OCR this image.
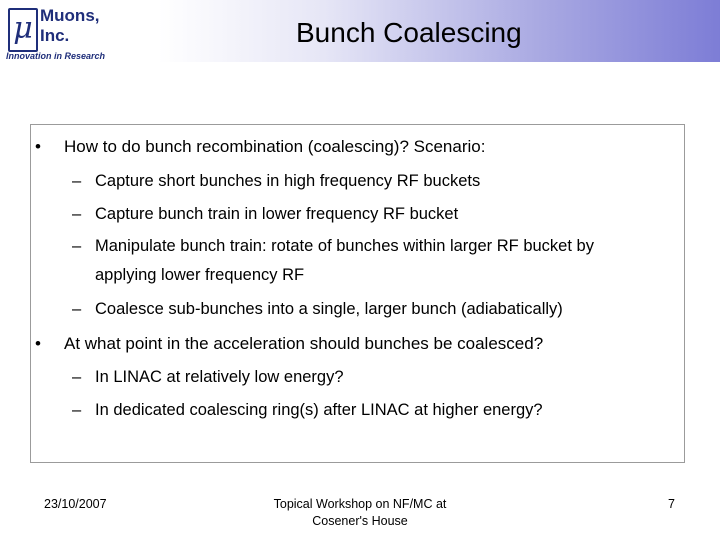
μ Muons,
Inc.
Innovation in Research
Bunch Coalescing
• How to do bunch recombination (coalescing)? Scenario:
– Capture short bunches in high frequency RF buckets
– Capture bunch train in lower frequency RF bucket
– Manipulate bunch train: rotate of bunches within larger RF bucket by
applying lower frequency RF
– Coalesce sub-bunches into a single, larger bunch (adiabatically)
• At what point in the acceleration should bunches be coalesced?
– In LINAC at relatively low energy?
– In dedicated coalescing ring(s) after LINAC at higher energy?
23/10/2007	Topical Workshop on NF/MC at
Cosener's House
7
